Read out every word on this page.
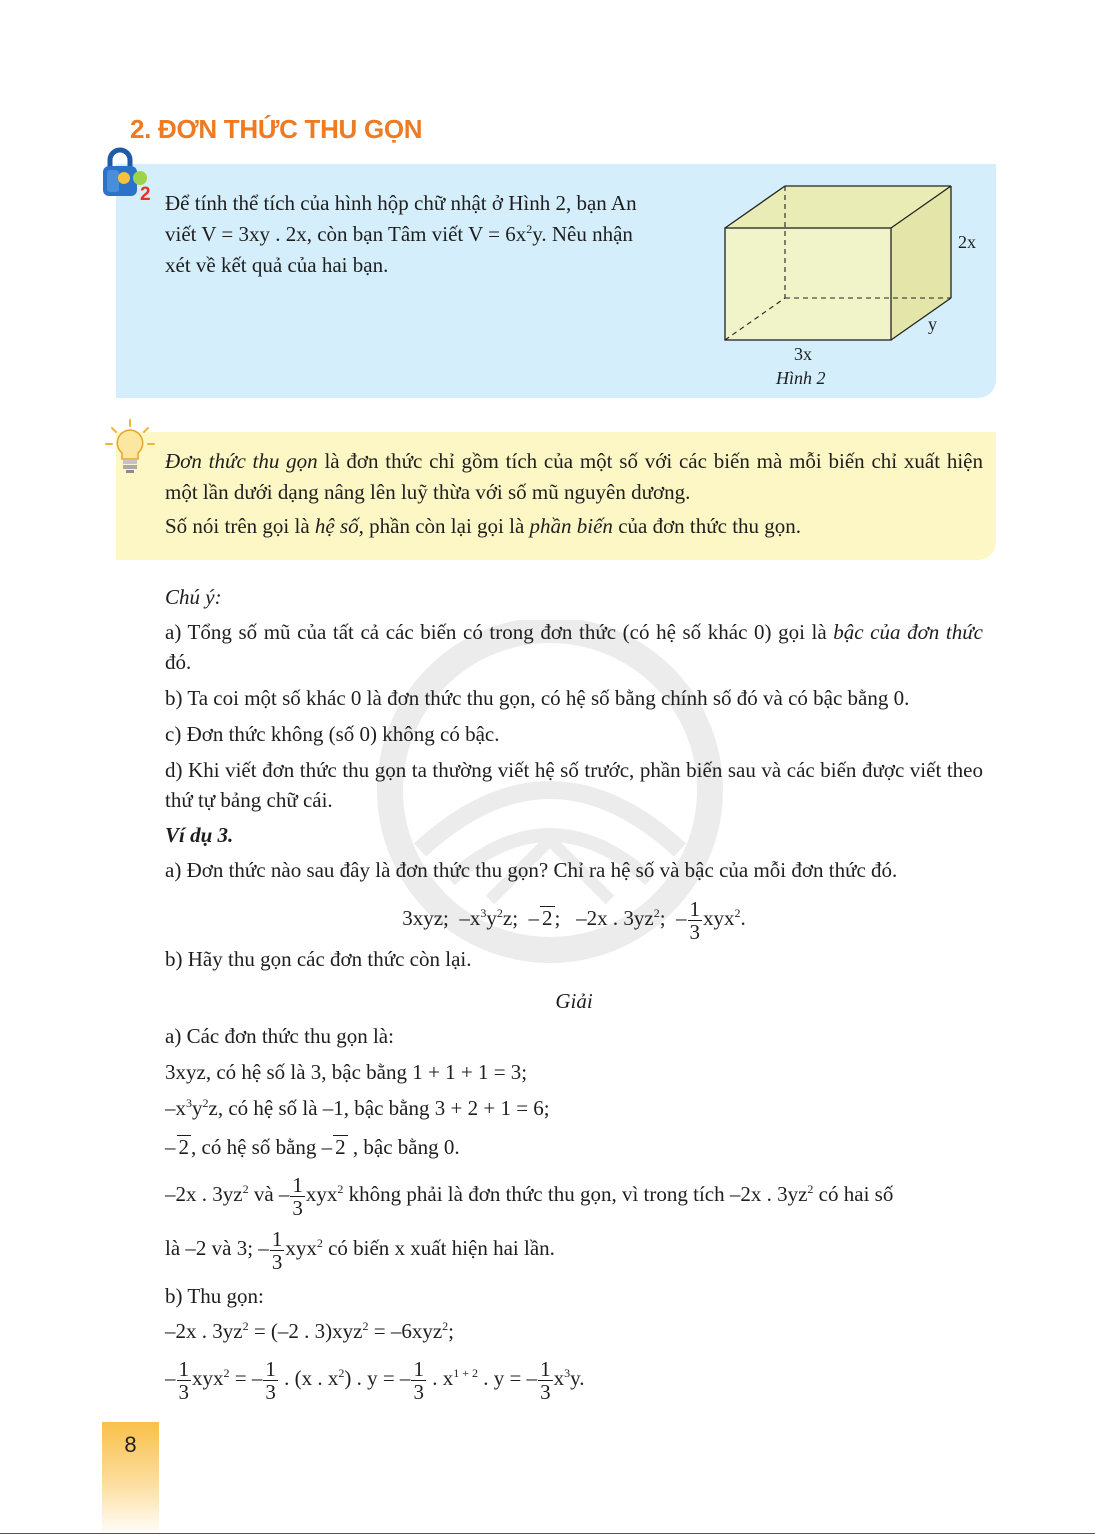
2. ĐƠN THỨC THU GỌN
2 Để tính thể tích của hình hộp chữ nhật ở Hình 2, bạn An
viết V = 3xy . 2x, còn bạn Tâm viết $V = 6x^2y$. Nêu nhận
xét về kết quả của hai bạn.
2x
y
3x
Hình 2
Đơn thức thu gọn là đơn thức chỉ gồm tích của một số với các biến mà mỗi biến chỉ xuất hiện một lần dưới dạng nâng lên luỹ thừa với số mũ nguyên dương.
Số nói trên gọi là hệ số, phần còn lại gọi là phần biến của đơn thức thu gọn.
Chú ý:
a) Tổng số mũ của tất cả các biến có trong đơn thức (có hệ số khác 0) gọi là bậc của đơn thức đó.
b) Ta coi một số khác 0 là đơn thức thu gọn, có hệ số bằng chính số đó và có bậc bằng 0.
c) Đơn thức không (số 0) không có bậc.
d) Khi viết đơn thức thu gọn ta thường viết hệ số trước, phần biến sau và các biến được viết theo thứ tự bảng chữ cái.
Ví dụ 3.
a) Đơn thức nào sau đây là đơn thức thu gọn? Chỉ ra hệ số và bậc của mỗi đơn thức đó.
3xyz;  $-x^3y^2z$;  – 2;   –2x . $3yz^2$;  – $\frac{1}{3} xyx^2$.
b) Hãy thu gọn các đơn thức còn lại.
Giải
a) Các đơn thức thu gọn là:
3xyz, có hệ số là 3, bậc bằng 1 + 1 + 1 = 3;
$-x^3y^2z$, có hệ số là –1, bậc bằng 3 + 2 + 1 = 6;
– 2, có hệ số bằng – 2 , bậc bằng 0.
–2x . $3yz^2$ và – $\frac{1}{3} xyx^2$ không phải là đơn thức thu gọn, vì trong tích –2x . $3yz^2$ có hai số
là –2 và 3; – $\frac{1}{3} xyx^2$ có biến x xuất hiện hai lần.
b) Thu gọn:
–2x . $3yz^2 = (-2$ . 3)xyz$^2$ = –6xyz$^2$;
– $\frac{1}{3} xyx^2$ = – $\frac{1}{3}$ . (x . $x^2$) . y = – $\frac{1}{3}$ . $x^{1 + 2}$ . y = – $\frac{1}{3} x^3y$.
8
